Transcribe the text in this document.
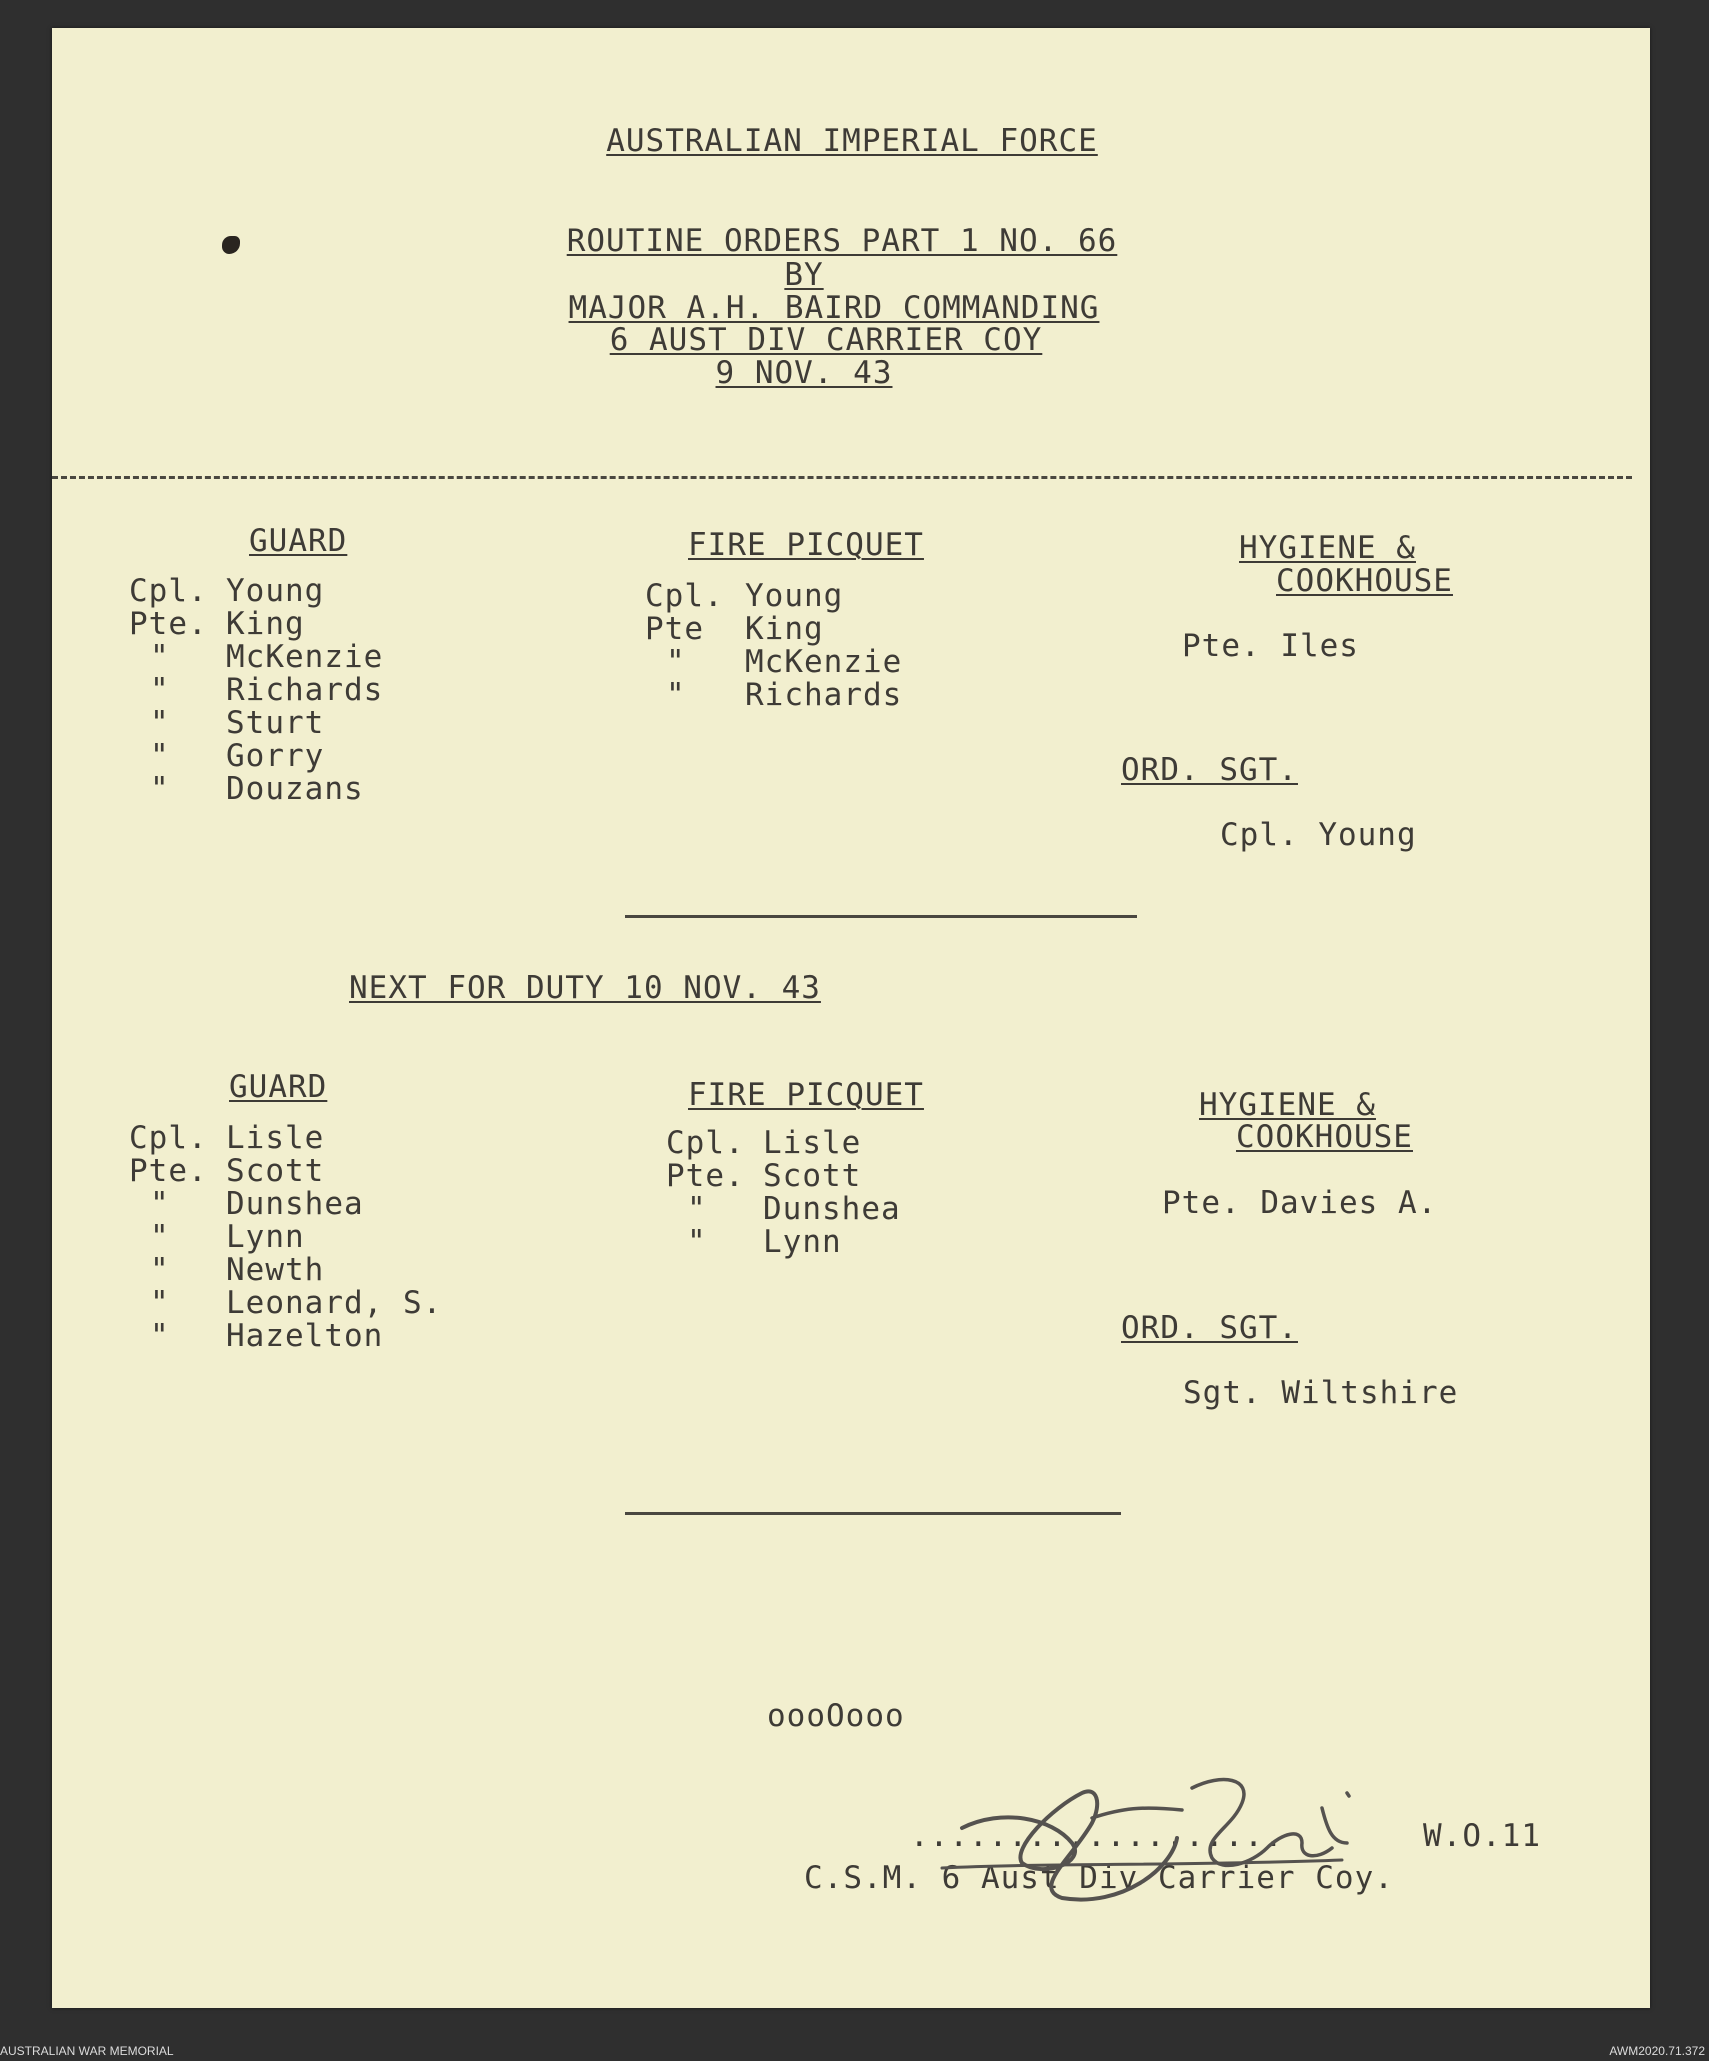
AUSTRALIAN IMPERIAL FORCE
ROUTINE ORDERS PART 1 NO. 66
BY
MAJOR A.H. BAIRD COMMANDING
6 AUST DIV CARRIER COY
9 NOV. 43
GUARD
Cpl. Young
Pte. King
" McKenzie
" Richards
" Sturt
" Gorry
" Douzans
FIRE PICQUET
Cpl. Young
Pte King
" McKenzie
" Richards
HYGIENE &
COOKHOUSE
Pte. Iles
ORD. SGT.
Cpl. Young
NEXT FOR DUTY 10 NOV. 43
GUARD
Cpl. Lisle
Pte. Scott
" Dunshea
" Lynn
" Newth
" Leonard, S.
" Hazelton
FIRE PICQUET
Cpl. Lisle
Pte. Scott
" Dunshea
" Lynn
HYGIENE &
COOKHOUSE
Pte. Davies A.
ORD. SGT.
Sgt. Wiltshire
oooOooo
...................	W.O.11
C.S.M. 6 Aust Div Carrier Coy.
AUSTRALIAN WAR MEMORIAL	AWM2020.71.372
